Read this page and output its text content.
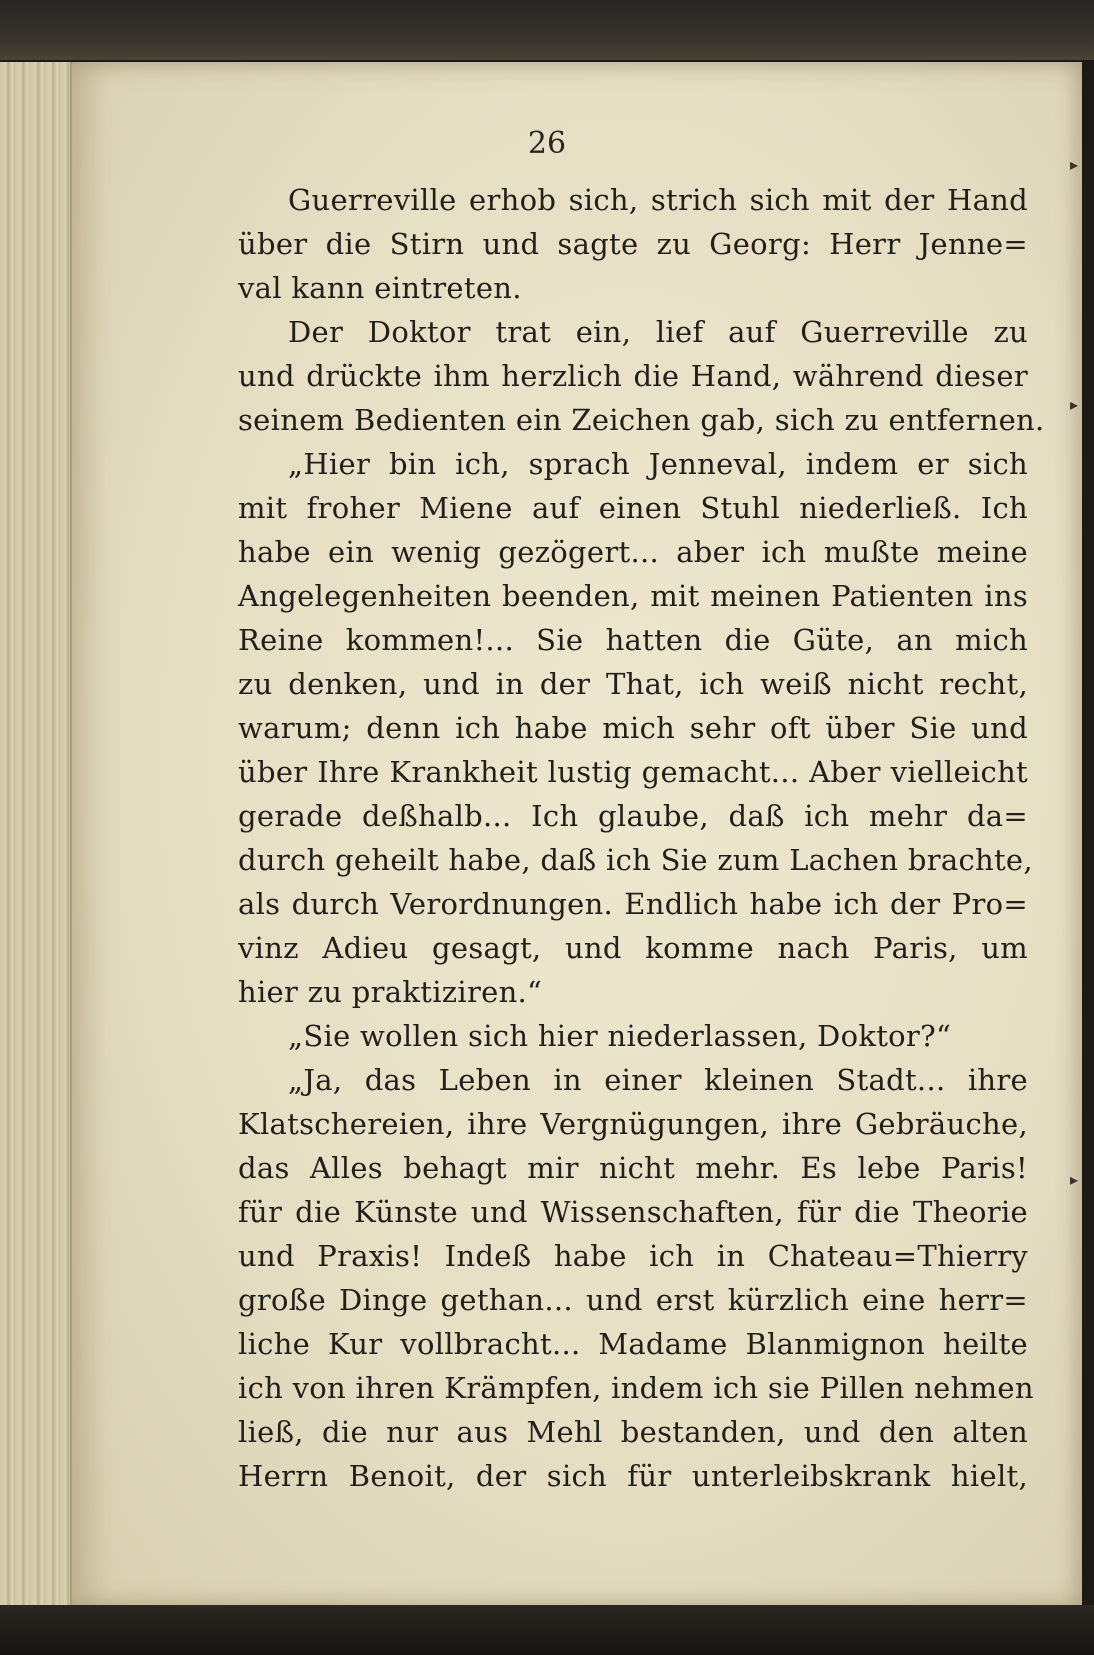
▸
▸
▸
26
Guerreville erhob sich, strich sich mit der Hand
über die Stirn und sagte zu Georg: Herr Jenne=
val kann eintreten.
Der Doktor trat ein, lief auf Guerreville zu
und drückte ihm herzlich die Hand, während dieser
seinem Bedienten ein Zeichen gab, sich zu entfernen.
„Hier bin ich, sprach Jenneval, indem er sich
mit froher Miene auf einen Stuhl niederließ. Ich
habe ein wenig gezögert... aber ich mußte meine
Angelegenheiten beenden, mit meinen Patienten ins
Reine kommen!... Sie hatten die Güte, an mich
zu denken, und in der That, ich weiß nicht recht,
warum; denn ich habe mich sehr oft über Sie und
über Ihre Krankheit lustig gemacht... Aber vielleicht
gerade deßhalb... Ich glaube, daß ich mehr da=
durch geheilt habe, daß ich Sie zum Lachen brachte,
als durch Verordnungen. Endlich habe ich der Pro=
vinz Adieu gesagt, und komme nach Paris, um
hier zu praktiziren.“
„Sie wollen sich hier niederlassen, Doktor?“
„Ja, das Leben in einer kleinen Stadt... ihre
Klatschereien, ihre Vergnügungen, ihre Gebräuche,
das Alles behagt mir nicht mehr. Es lebe Paris!
für die Künste und Wissenschaften, für die Theorie
und Praxis! Indeß habe ich in Chateau=Thierry
große Dinge gethan... und erst kürzlich eine herr=
liche Kur vollbracht... Madame Blanmignon heilte
ich von ihren Krämpfen, indem ich sie Pillen nehmen
ließ, die nur aus Mehl bestanden, und den alten
Herrn Benoit, der sich für unterleibskrank hielt,
